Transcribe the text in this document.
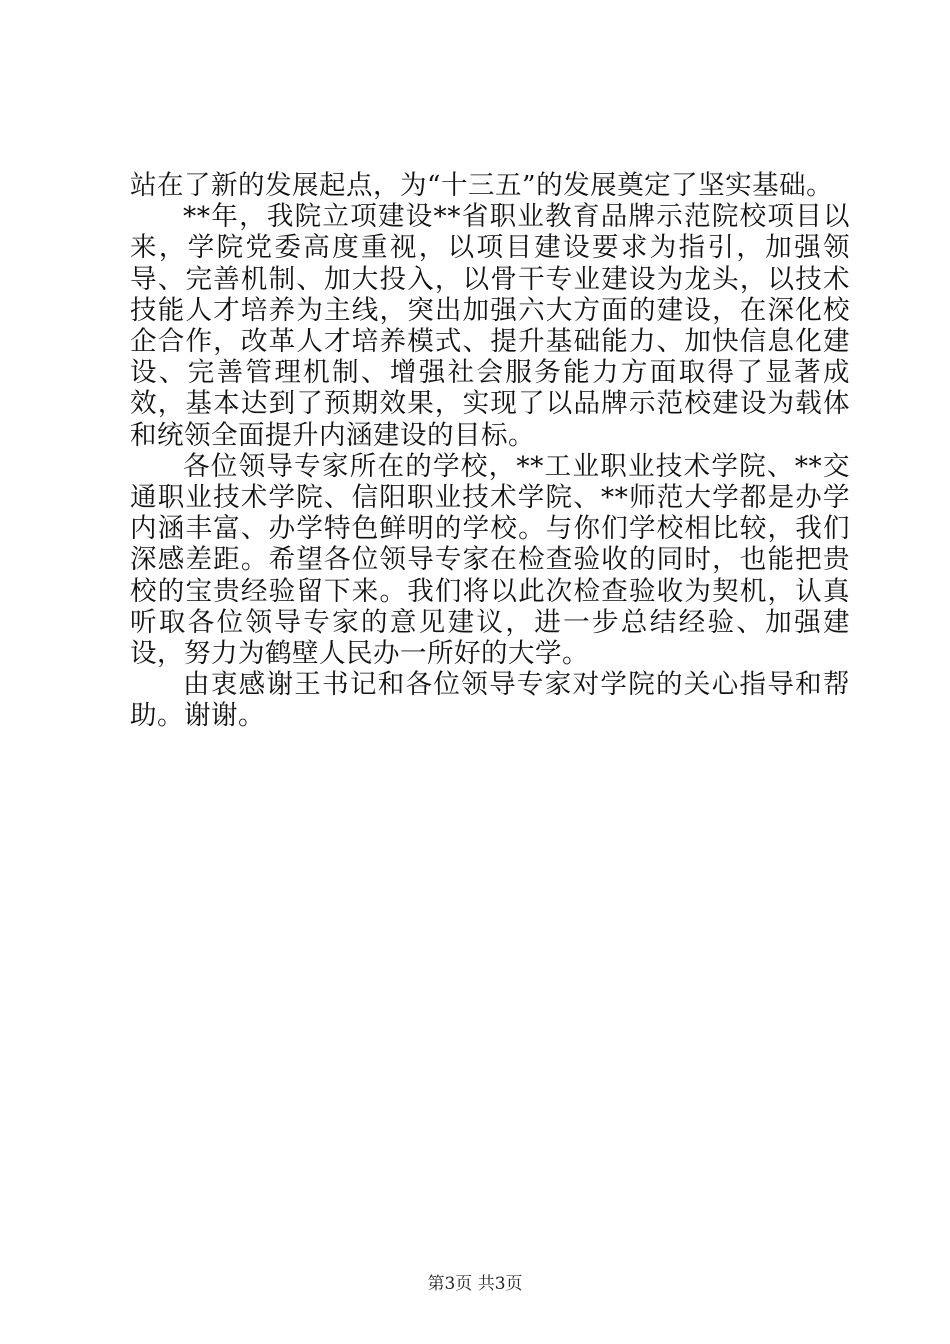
站在了新的发展起点，为“十三五”的发展奠定了坚实基础。

**年，我院立项建设**省职业教育品牌示范院校项目以来，学院党委高度重视，以项目建设要求为指引，加强领导、完善机制、加大投入，以骨干专业建设为龙头，以技术技能人才培养为主线，突出加强六大方面的建设，在深化校企合作，改革人才培养模式、提升基础能力、加快信息化建设、完善管理机制、增强社会服务能力方面取得了显著成效，基本达到了预期效果，实现了以品牌示范校建设为载体和统领全面提升内涵建设的目标。

各位领导专家所在的学校，**工业职业技术学院、**交通职业技术学院、信阳职业技术学院、**师范大学都是办学内涵丰富、办学特色鲜明的学校。与你们学校相比较，我们深感差距。希望各位领导专家在检查验收的同时，也能把贵校的宝贵经验留下来。我们将以此次检查验收为契机，认真听取各位领导专家的意见建议，进一步总结经验、加强建设，努力为鹤壁人民办一所好的大学。

由衷感谢王书记和各位领导专家对学院的关心指导和帮助。谢谢。

第3页 共3页
